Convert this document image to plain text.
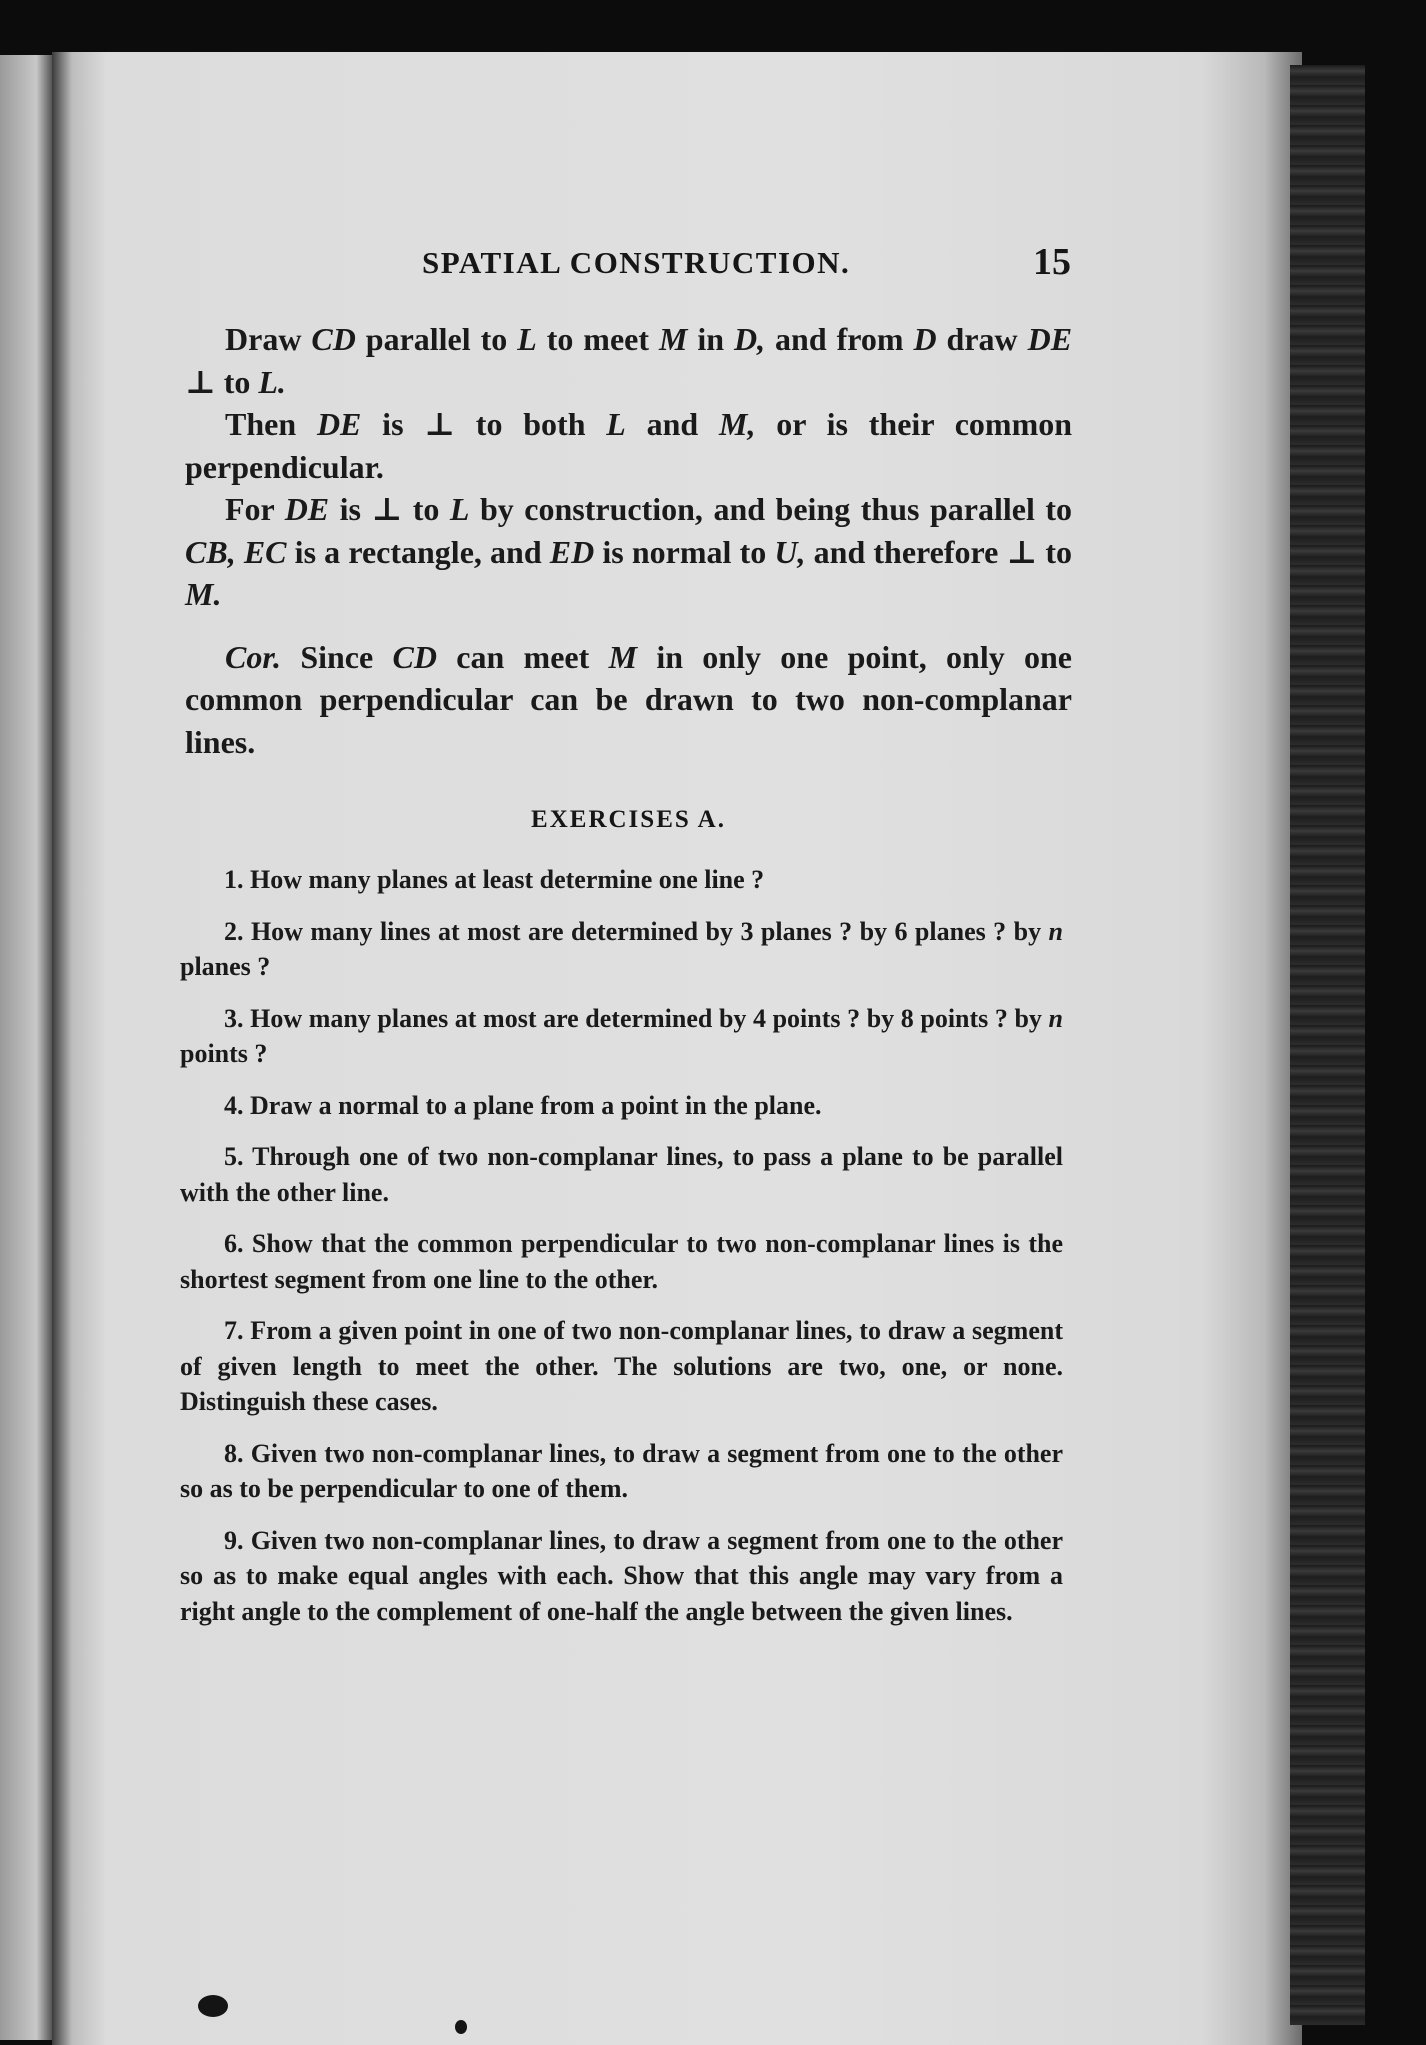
SPATIAL CONSTRUCTION.	15

Draw CD parallel to L to meet M in D, and from D draw DE ⊥ to L.

Then DE is ⊥ to both L and M, or is their common perpendicular.

For DE is ⊥ to L by construction, and being thus parallel to CB, EC is a rectangle, and ED is normal to U, and therefore ⊥ to M.

Cor. Since CD can meet M in only one point, only one common perpendicular can be drawn to two non-complanar lines.

EXERCISES A.

1. How many planes at least determine one line ?

2. How many lines at most are determined by 3 planes ? by 6 planes ? by n planes ?

3. How many planes at most are determined by 4 points ? by 8 points ? by n points ?

4. Draw a normal to a plane from a point in the plane.

5. Through one of two non-complanar lines, to pass a plane to be parallel with the other line.

6. Show that the common perpendicular to two non-complanar lines is the shortest segment from one line to the other.

7. From a given point in one of two non-complanar lines, to draw a segment of given length to meet the other. The solutions are two, one, or none. Distinguish these cases.

8. Given two non-complanar lines, to draw a segment from one to the other so as to be perpendicular to one of them.

9. Given two non-complanar lines, to draw a segment from one to the other so as to make equal angles with each. Show that this angle may vary from a right angle to the complement of one-half the angle between the given lines.
